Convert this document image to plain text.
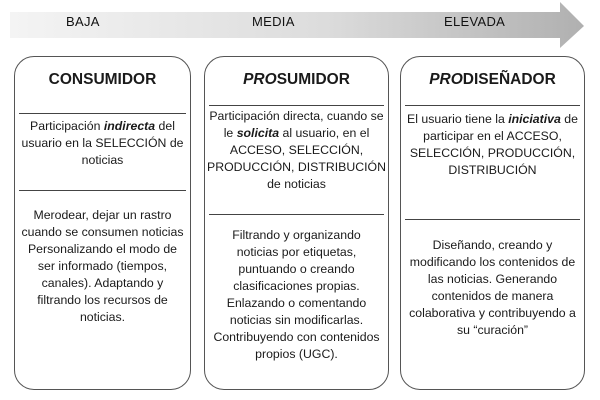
BAJA	MEDIA	ELEVADA
CONSUMIDOR
Participación indirecta del usuario en la SELECCIÓN de noticias
Merodear, dejar un rastro cuando se consumen noticias Personalizando el modo de ser informado (tiempos, canales). Adaptando y filtrando los recursos de noticias.
PROSUMIDOR
Participación directa, cuando se le solicita al usuario, en el ACCESO, SELECCIÓN, PRODUCCIÓN, DISTRIBUCIÓN de noticias
Filtrando y organizando noticias por etiquetas, puntuando o creando clasificaciones propias. Enlazando o comentando noticias sin modificarlas. Contribuyendo con contenidos propios (UGC).
PRODISEÑADOR
El usuario tiene la iniciativa de participar en el ACCESO, SELECCIÓN, PRODUCCIÓN, DISTRIBUCIÓN
Diseñando, creando y modificando los contenidos de las noticias. Generando contenidos de manera colaborativa y contribuyendo a su “curación”
